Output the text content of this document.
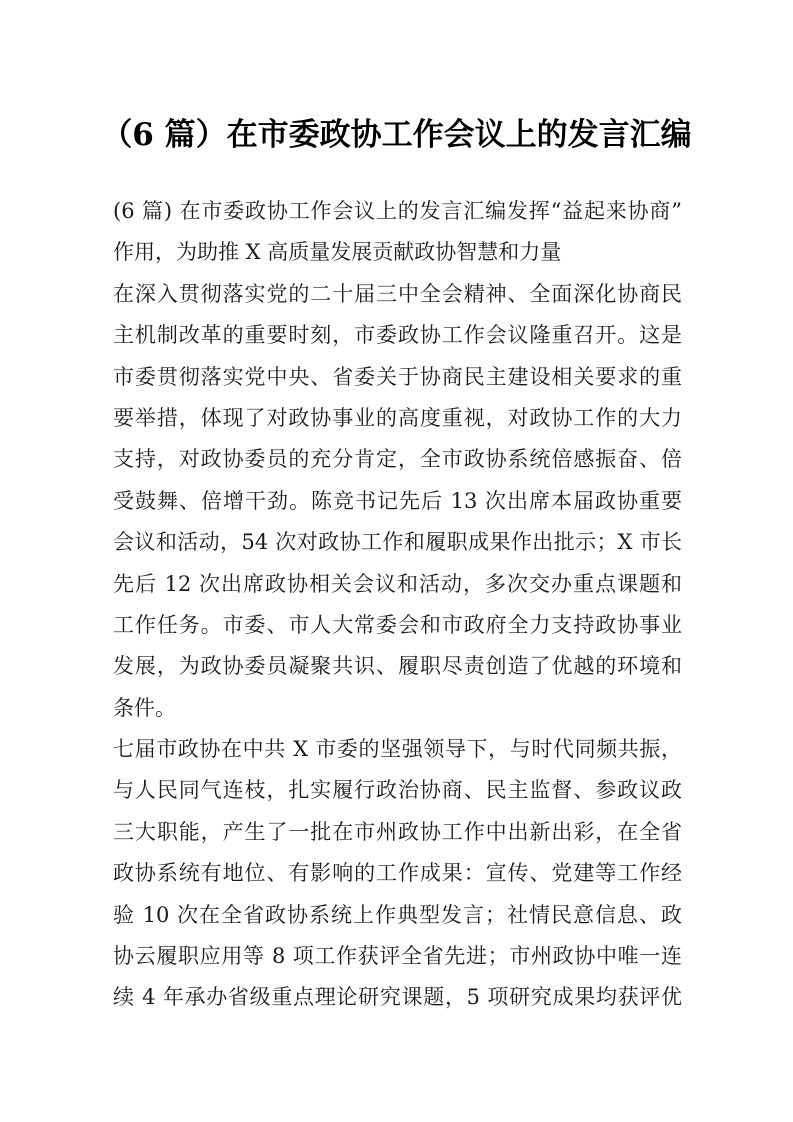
（6 篇）在市委政协工作会议上的发言汇编
(6 篇) 在市委政协工作会议上的发言汇编发挥“益起来协商”
作用，为助推 X 高质量发展贡献政协智慧和力量
在深入贯彻落实党的二十届三中全会精神、全面深化协商民
主机制改革的重要时刻，市委政协工作会议隆重召开。这是
市委贯彻落实党中央、省委关于协商民主建设相关要求的重
要举措，体现了对政协事业的高度重视，对政协工作的大力
支持，对政协委员的充分肯定，全市政协系统倍感振奋、倍
受鼓舞、倍增干劲。陈竞书记先后 13 次出席本届政协重要
会议和活动，54 次对政协工作和履职成果作出批示；X 市长
先后 12 次出席政协相关会议和活动，多次交办重点课题和
工作任务。市委、市人大常委会和市政府全力支持政协事业
发展，为政协委员凝聚共识、履职尽责创造了优越的环境和
条件。
七届市政协在中共 X 市委的坚强领导下，与时代同频共振，
与人民同气连枝，扎实履行政治协商、民主监督、参政议政
三大职能，产生了一批在市州政协工作中出新出彩，在全省
政协系统有地位、有影响的工作成果：宣传、党建等工作经
验 10 次在全省政协系统上作典型发言；社情民意信息、政
协云履职应用等 8 项工作获评全省先进；市州政协中唯一连
续 4 年承办省级重点理论研究课题，5 项研究成果均获评优
